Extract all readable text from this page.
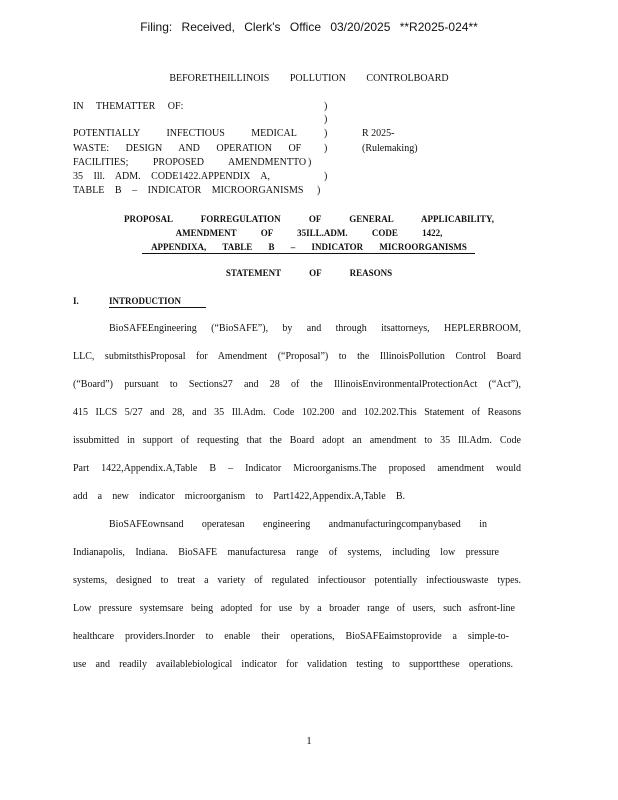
Filing: Received, Clerk's Office 03/20/2025 **R2025-024**
BEFORETHEILLINOIS POLLUTION CONTROLBOARD
IN THEMATTER OF:
POTENTIALLY INFECTIOUS MEDICAL
WASTE: DESIGN AND OPERATION OF
FACILITIES; PROPOSED AMENDMENTTO
35 Ill. ADM. CODE1422.APPENDIX A,
TABLE B – INDICATOR MICROORGANISMS
)
)
)
)
)
)
)
R 2025-
(Rulemaking)
PROPOSAL FORREGULATION OF GENERAL APPLICABILITY,
AMENDMENT OF 35ILL.ADM. CODE 1422,
APPENDIXA, TABLE B – INDICATOR MICROORGANISMS
STATEMENT OF REASONS
I.	INTRODUCTION
BioSAFEEngineering (“BioSAFE”), by and through itsattorneys, HEPLERBROOM,
LLC, submitsthisProposal for Amendment (“Proposal”) to the IllinoisPollution Control Board
(“Board”) pursuant to Sections27 and 28 of the IllinoisEnvironmentalProtectionAct (“Act”),
415 ILCS 5/27 and 28, and 35 Ill.Adm. Code 102.200 and 102.202.This Statement of Reasons
issubmitted in support of requesting that the Board adopt an amendment to 35 Ill.Adm. Code
Part 1422,Appendix.A,Table B – Indicator Microorganisms.The proposed amendment would
add a new indicator microorganism to Part1422,Appendix.A,Table B.
BioSAFEownsand operatesan engineering andmanufacturingcompanybased in
Indianapolis, Indiana. BioSAFE manufacturesa range of systems, including low pressure
systems, designed to treat a variety of regulated infectiousor potentially infectiouswaste types.
Low pressure systemsare being adopted for use by a broader range of users, such asfront-line
healthcare providers.Inorder to enable their operations, BioSAFEaimstoprovide a simple-to-
use and readily availablebiological indicator for validation testing to supportthese operations.
1
